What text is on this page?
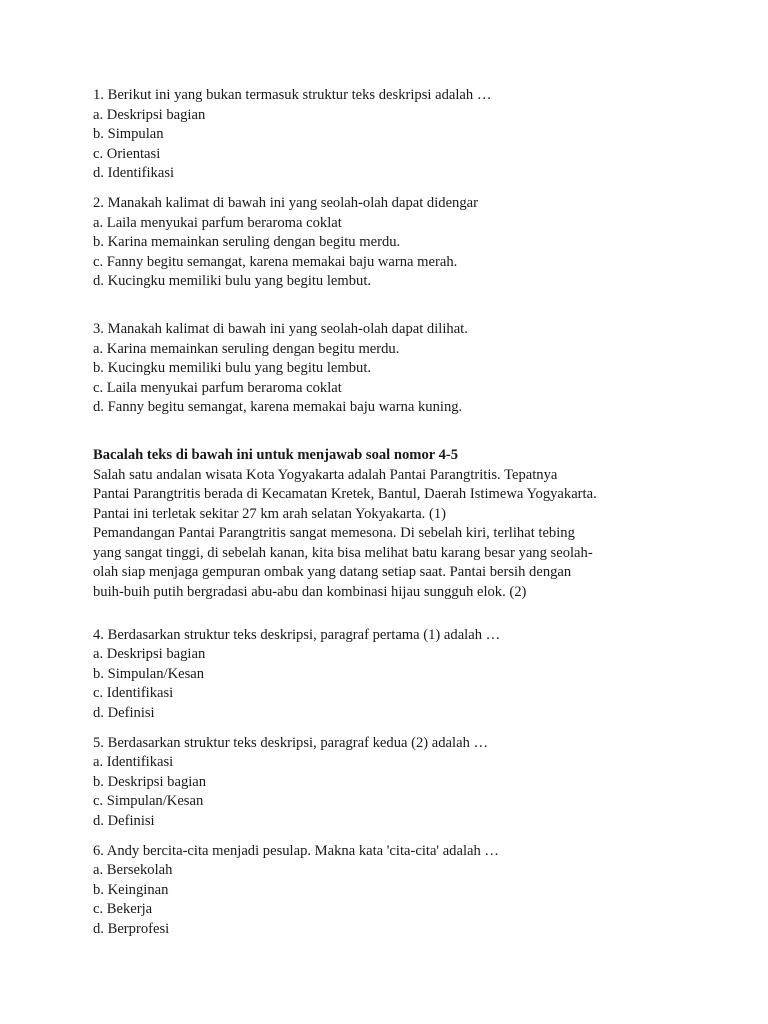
1. Berikut ini yang bukan termasuk struktur teks deskripsi adalah …
a. Deskripsi bagian
b. Simpulan
c. Orientasi
d. Identifikasi
2. Manakah kalimat di bawah ini yang seolah-olah dapat didengar
a. Laila menyukai parfum beraroma coklat
b. Karina memainkan seruling dengan begitu merdu.
c. Fanny begitu semangat, karena memakai baju warna merah.
d. Kucingku memiliki bulu yang begitu lembut.
3. Manakah kalimat di bawah ini yang seolah-olah dapat dilihat.
a. Karina memainkan seruling dengan begitu merdu.
b. Kucingku memiliki bulu yang begitu lembut.
c. Laila menyukai parfum beraroma coklat
d. Fanny begitu semangat, karena memakai baju warna kuning.
Bacalah teks di bawah ini untuk menjawab soal nomor 4-5
Salah satu andalan wisata Kota Yogyakarta adalah Pantai Parangtritis. Tepatnya
Pantai Parangtritis berada di Kecamatan Kretek, Bantul, Daerah Istimewa Yogyakarta.
Pantai ini terletak sekitar 27 km arah selatan Yokyakarta. (1)
Pemandangan Pantai Parangtritis sangat memesona. Di sebelah kiri, terlihat tebing
yang sangat tinggi, di sebelah kanan, kita bisa melihat batu karang besar yang seolah-
olah siap menjaga gempuran ombak yang datang setiap saat. Pantai bersih dengan
buih-buih putih bergradasi abu-abu dan kombinasi hijau sungguh elok. (2)
4. Berdasarkan struktur teks deskripsi, paragraf pertama (1) adalah …
a. Deskripsi bagian
b. Simpulan/Kesan
c. Identifikasi
d. Definisi
5. Berdasarkan struktur teks deskripsi, paragraf kedua (2) adalah …
a. Identifikasi
b. Deskripsi bagian
c. Simpulan/Kesan
d. Definisi
6. Andy bercita-cita menjadi pesulap. Makna kata 'cita-cita' adalah …
a. Bersekolah
b. Keinginan
c. Bekerja
d. Berprofesi
